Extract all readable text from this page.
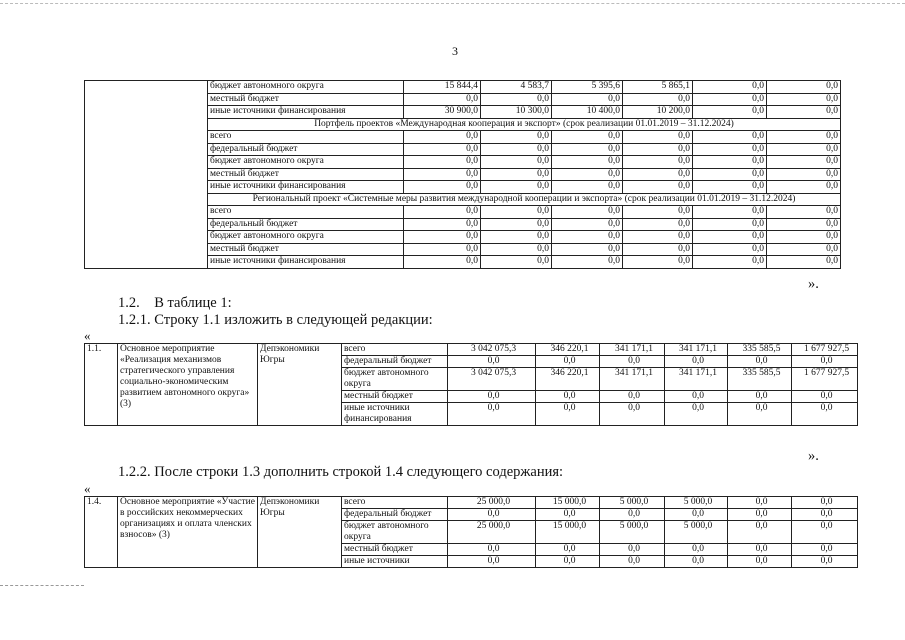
3
	бюджет автономного округа	15 844,4	4 583,7	5 395,6	5 865,1	0,0	0,0
	местный бюджет	0,0	0,0	0,0	0,0	0,0	0,0
	иные источники финансирования	30 900,0	10 300,0	10 400,0	10 200,0	0,0	0,0
	Портфель проектов «Международная кооперация и экспорт» (срок реализации 01.01.2019 – 31.12.2024)						
	всего	0,0	0,0	0,0	0,0	0,0	0,0
	федеральный бюджет	0,0	0,0	0,0	0,0	0,0	0,0
	бюджет автономного округа	0,0	0,0	0,0	0,0	0,0	0,0
	местный бюджет	0,0	0,0	0,0	0,0	0,0	0,0
	иные источники финансирования	0,0	0,0	0,0	0,0	0,0	0,0
	Региональный проект «Системные меры развития международной кооперации и экспорта» (срок реализации 01.01.2019 – 31.12.2024)						
	всего	0,0	0,0	0,0	0,0	0,0	0,0
	федеральный бюджет	0,0	0,0	0,0	0,0	0,0	0,0
	бюджет автономного округа	0,0	0,0	0,0	0,0	0,0	0,0
	местный бюджет	0,0	0,0	0,0	0,0	0,0	0,0
	иные источники финансирования	0,0	0,0	0,0	0,0	0,0	0,0
».
1.2. В таблице 1:
1.2.1. Строку 1.1 изложить в следующей редакции:
«
1.1.	Основное мероприятие «Реализация механизмов стратегического управления социально-экономическим развитием автономного округа» (3)	Депэкономики Югры	всего	3 042 075,3	346 220,1	341 171,1	341 171,1	335 585,5	1 677 927,5
			федеральный бюджет	0,0	0,0	0,0	0,0	0,0	0,0
			бюджет автономного округа	3 042 075,3	346 220,1	341 171,1	341 171,1	335 585,5	1 677 927,5
			местный бюджет	0,0	0,0	0,0	0,0	0,0	0,0
			иные источники финансирования	0,0	0,0	0,0	0,0	0,0	0,0
».
1.2.2. После строки 1.3 дополнить строкой 1.4 следующего содержания:
«
1.4.	Основное мероприятие «Участие в российских некоммерческих организациях и оплата членских взносов» (3)	Депэкономики Югры	всего	25 000,0	15 000,0	5 000,0	5 000,0	0,0	0,0
			федеральный бюджет	0,0	0,0	0,0	0,0	0,0	0,0
			бюджет автономного округа	25 000,0	15 000,0	5 000,0	5 000,0	0,0	0,0
			местный бюджет	0,0	0,0	0,0	0,0	0,0	0,0
			иные источники	0,0	0,0	0,0	0,0	0,0	0,0
